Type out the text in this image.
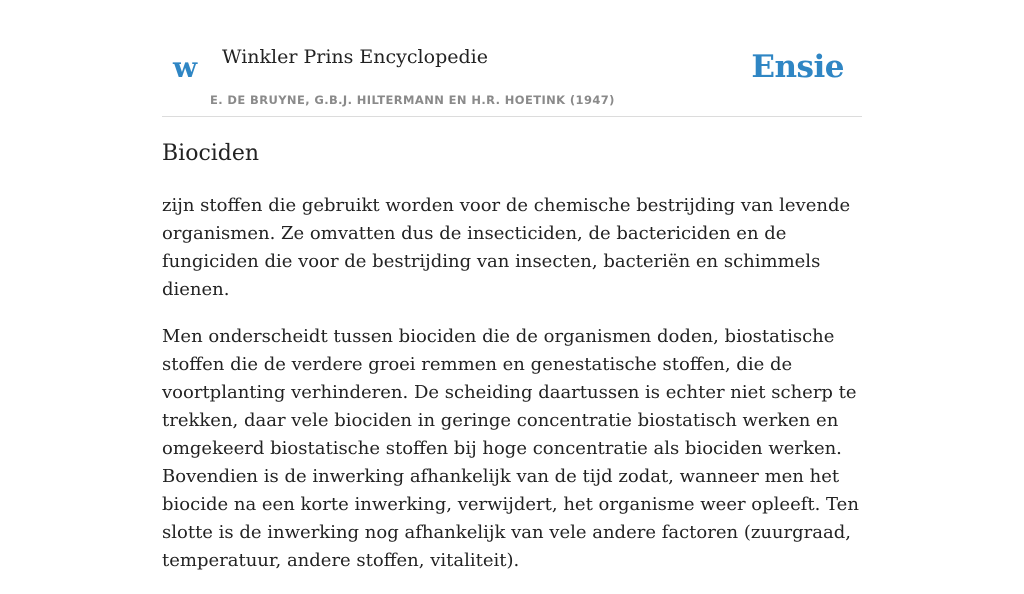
w Winkler Prins Encyclopedie
E. DE BRUYNE, G.B.J. HILTERMANN EN H.R. HOETINK (1947)
Ensie
Biociden

zijn stoffen die gebruikt worden voor de chemische bestrijding van levende organismen. Ze omvatten dus de insecticiden, de bactericiden en de fungiciden die voor de bestrijding van insecten, bacteriën en schimmels dienen.

Men onderscheidt tussen biociden die de organismen doden, biostatische stoffen die de verdere groei remmen en genestatische stoffen, die de voortplanting verhinderen. De scheiding daartussen is echter niet scherp te trekken, daar vele biociden in geringe concentratie biostatisch werken en omgekeerd biostatische stoffen bij hoge concentratie als biociden werken. Bovendien is de inwerking afhankelijk van de tijd zodat, wanneer men het biocide na een korte inwerking, verwijdert, het organisme weer opleeft. Ten slotte is de inwerking nog afhankelijk van vele andere factoren (zuurgraad, temperatuur, andere stoffen, vitaliteit).
